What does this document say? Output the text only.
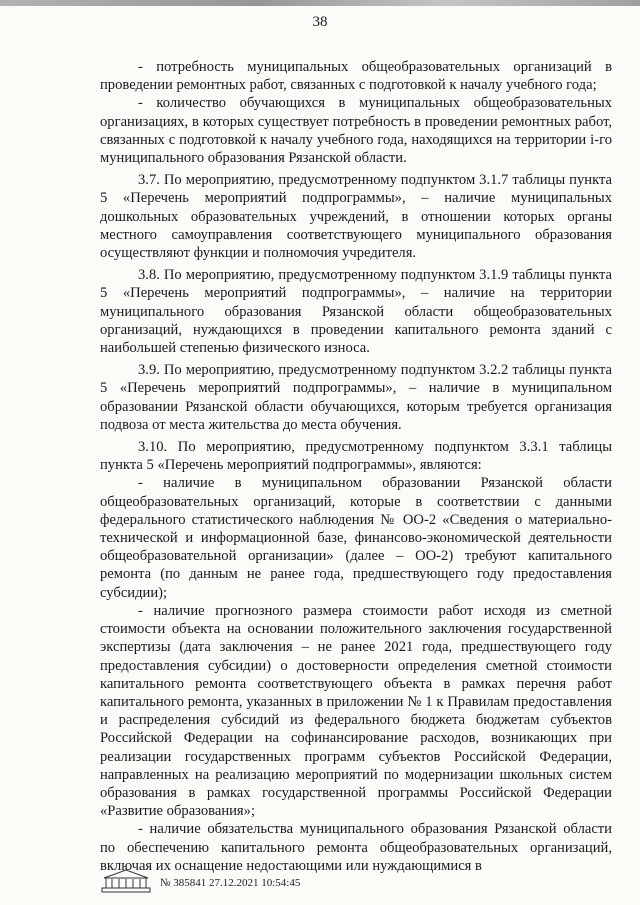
38

- потребность муниципальных общеобразовательных организаций в проведении ремонтных работ, связанных с подготовкой к началу учебного года;

- количество обучающихся в муниципальных общеобразовательных организациях, в которых существует потребность в проведении ремонтных работ, связанных с подготовкой к началу учебного года, находящихся на территории i-го муниципального образования Рязанской области.

3.7. По мероприятию, предусмотренному подпунктом 3.1.7 таблицы пункта 5 «Перечень мероприятий подпрограммы», – наличие муниципальных дошкольных образовательных учреждений, в отношении которых органы местного самоуправления соответствующего муниципального образования осуществляют функции и полномочия учредителя.

3.8. По мероприятию, предусмотренному подпунктом 3.1.9 таблицы пункта 5 «Перечень мероприятий подпрограммы», – наличие на территории муниципального образования Рязанской области общеобразовательных организаций, нуждающихся в проведении капитального ремонта зданий с наибольшей степенью физического износа.

3.9. По мероприятию, предусмотренному подпунктом 3.2.2 таблицы пункта 5 «Перечень мероприятий подпрограммы», – наличие в муниципальном образовании Рязанской области обучающихся, которым требуется организация подвоза от места жительства до места обучения.

3.10. По мероприятию, предусмотренному подпунктом 3.3.1 таблицы пункта 5 «Перечень мероприятий подпрограммы», являются:

- наличие в муниципальном образовании Рязанской области общеобразовательных организаций, которые в соответствии с данными федерального статистического наблюдения № ОО-2 «Сведения о материально-технической и информационной базе, финансово-экономической деятельности общеобразовательной организации» (далее – ОО-2) требуют капитального ремонта (по данным не ранее года, предшествующего году предоставления субсидии);

- наличие прогнозного размера стоимости работ исходя из сметной стоимости объекта на основании положительного заключения государственной экспертизы (дата заключения – не ранее 2021 года, предшествующего году предоставления субсидии) о достоверности определения сметной стоимости капитального ремонта соответствующего объекта в рамках перечня работ капитального ремонта, указанных в приложении № 1 к Правилам предоставления и распределения субсидий из федерального бюджета бюджетам субъектов Российской Федерации на софинансирование расходов, возникающих при реализации государственных программ субъектов Российской Федерации, направленных на реализацию мероприятий по модернизации школьных систем образования в рамках государственной программы Российской Федерации «Развитие образования»;

- наличие обязательства муниципального образования Рязанской области по обеспечению капитального ремонта общеобразовательных организаций, включая их оснащение недостающими или нуждающимися в

№ 385841 27.12.2021 10:54:45
